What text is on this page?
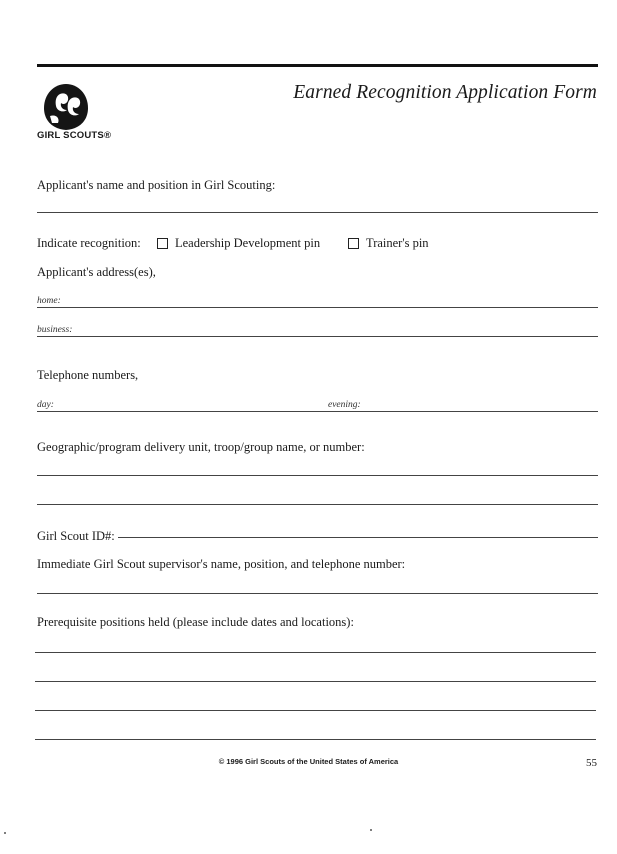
GIRL SCOUTS®
Earned Recognition Application Form
Applicant's name and position in Girl Scouting:
Indicate recognition:	Leadership Development pin	Trainer's pin
Applicant's address(es),
home:
business:
Telephone numbers,
day:	evening:
Geographic/program delivery unit, troop/group name, or number:
Girl Scout ID#:
Immediate Girl Scout supervisor's name, position, and telephone number:
Prerequisite positions held (please include dates and locations):
© 1996 Girl Scouts of the United States of America	55
